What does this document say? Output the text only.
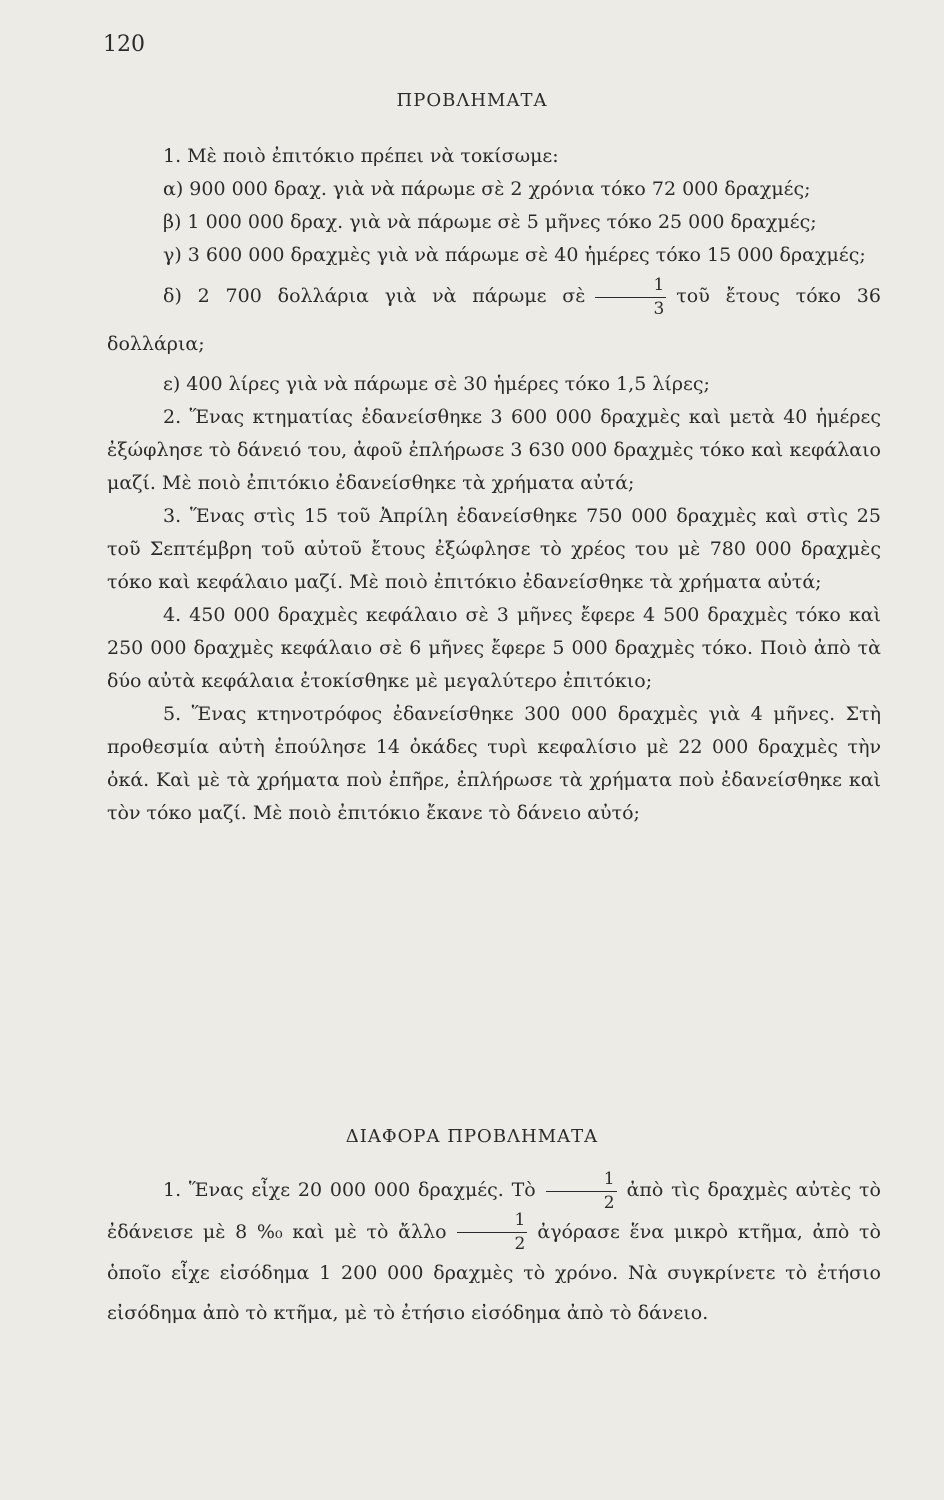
120
ΠΡΟΒΛΗΜΑΤΑ

1. Μὲ ποιὸ ἐπιτόκιο πρέπει νὰ τοκίσωμε:

α) 900 000 δραχ. γιὰ νὰ πάρωμε σὲ 2 χρόνια τόκο 72 000 δραχμές;

β) 1 000 000 δραχ. γιὰ νὰ πάρωμε σὲ 5 μῆνες τόκο 25 000 δραχμές;

γ) 3 600 000 δραχμὲς γιὰ νὰ πάρωμε σὲ 40 ἡμέρες τόκο 15 000 δραχμές;

δ) 2 700 δολλάρια γιὰ νὰ πάρωμε σὲ $\frac{1}{3}$ τοῦ ἔτους τόκο 36 δολλάρια;

ε) 400 λίρες γιὰ νὰ πάρωμε σὲ 30 ἡμέρες τόκο 1,5 λίρες;

2. Ἕνας κτηματίας ἐδανείσθηκε 3 600 000 δραχμὲς καὶ μετὰ 40 ἡμέρες ἐξώφλησε τὸ δάνειό του, ἀφοῦ ἐπλήρωσε 3 630 000 δραχμὲς τόκο καὶ κεφάλαιο μαζί. Μὲ ποιὸ ἐπιτόκιο ἐδανείσθηκε τὰ χρήματα αὐτά;

3. Ἕνας στὶς 15 τοῦ Ἀπρίλη ἐδανείσθηκε 750 000 δραχμὲς καὶ στὶς 25 τοῦ Σεπτέμβρη τοῦ αὐτοῦ ἔτους ἐξώφλησε τὸ χρέος του μὲ 780 000 δραχμὲς τόκο καὶ κεφάλαιο μαζί. Μὲ ποιὸ ἐπιτόκιο ἐδανείσθηκε τὰ χρήματα αὐτά;

4. 450 000 δραχμὲς κεφάλαιο σὲ 3 μῆνες ἔφερε 4 500 δραχμὲς τόκο καὶ 250 000 δραχμὲς κεφάλαιο σὲ 6 μῆνες ἔφερε 5 000 δραχμὲς τόκο. Ποιὸ ἀπὸ τὰ δύο αὐτὰ κεφάλαια ἐτοκίσθηκε μὲ μεγαλύτερο ἐπιτόκιο;

5. Ἕνας κτηνοτρόφος ἐδανείσθηκε 300 000 δραχμὲς γιὰ 4 μῆνες. Στὴ προθεσμία αὐτὴ ἐπούλησε 14 ὀκάδες τυρὶ κεφαλίσιο μὲ 22 000 δραχμὲς τὴν ὀκά. Καὶ μὲ τὰ χρήματα ποὺ ἐπῆρε, ἐπλήρωσε τὰ χρήματα ποὺ ἐδανείσθηκε καὶ τὸν τόκο μαζί. Μὲ ποιὸ ἐπιτόκιο ἔκανε τὸ δάνειο αὐτό;

ΔΙΑΦΟΡΑ ΠΡΟΒΛΗΜΑΤΑ

1. Ἕνας εἶχε 20 000 000 δραχμές. Τὸ $\frac{1}{2}$ ἀπὸ τὶς δραχμὲς αὐτὲς τὸ ἐδάνεισε μὲ 8 %₀ καὶ μὲ τὸ ἄλλο $\frac{1}{2}$ ἀγόρασε ἕνα μικρὸ κτῆμα, ἀπὸ τὸ ὁποῖο εἶχε εἰσόδημα 1 200 000 δραχμὲς τὸ χρόνο. Νὰ συγκρίνετε τὸ ἐτήσιο εἰσόδημα ἀπὸ τὸ κτῆμα, μὲ τὸ ἐτήσιο εἰσόδημα ἀπὸ τὸ δάνειο.
